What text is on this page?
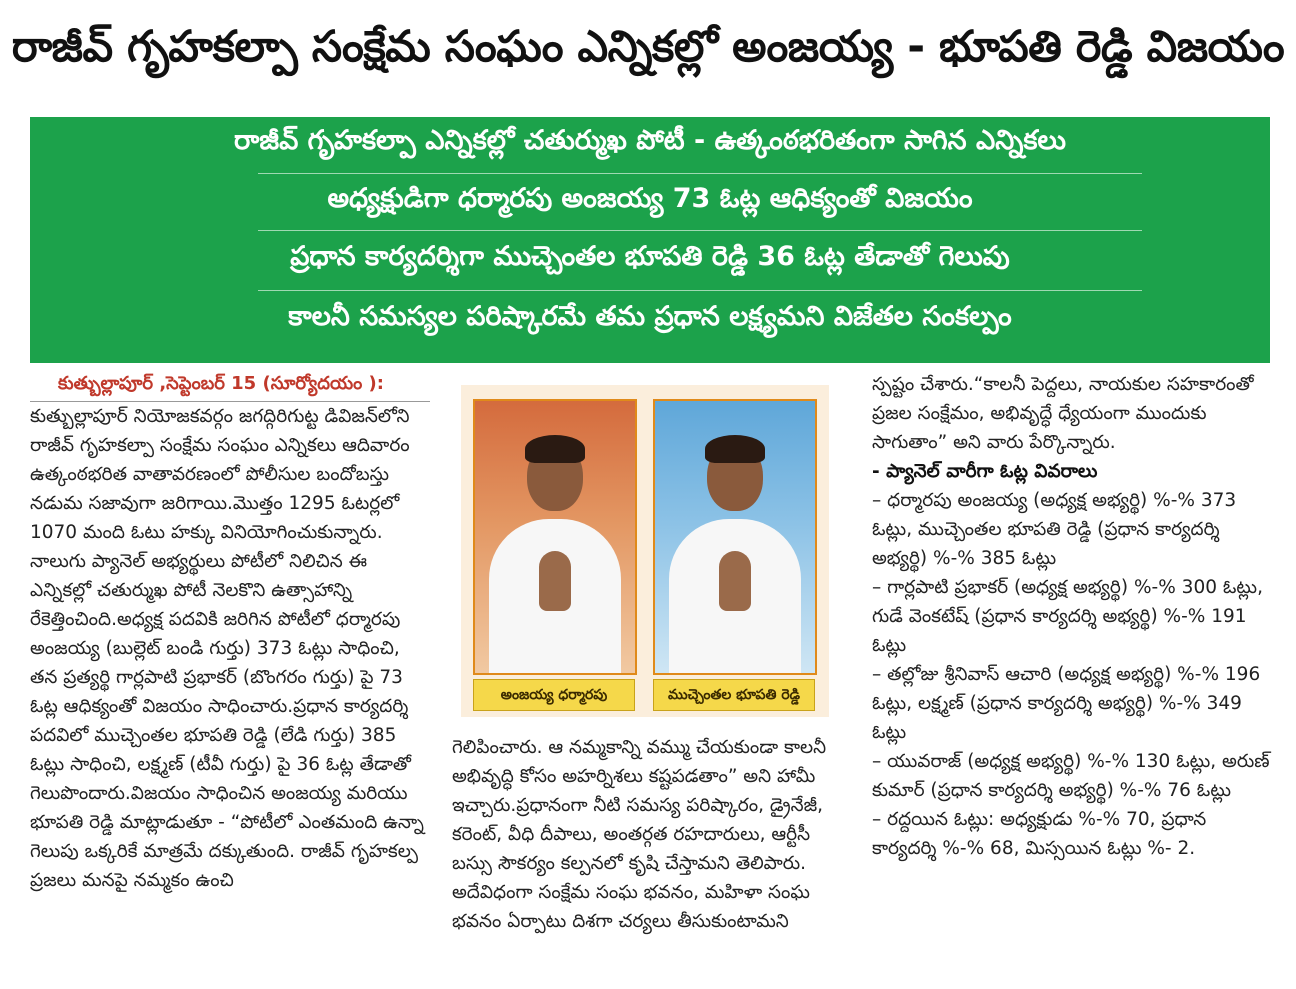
రాజీవ్ గృహకల్పా సంక్షేమ సంఘం ఎన్నికల్లో అంజయ్య - భూపతి రెడ్డి విజయం
రాజీవ్ గృహకల్పా ఎన్నికల్లో చతుర్ముఖ పోటీ - ఉత్కంఠభరితంగా సాగిన ఎన్నికలు
అధ్యక్షుడిగా ధర్మారపు అంజయ్య 73 ఓట్ల ఆధిక్యంతో విజయం
ప్రధాన కార్యదర్శిగా ముచ్చెంతల భూపతి రెడ్డి 36 ఓట్ల తేడాతో గెలుపు
కాలనీ సమస్యల పరిష్కారమే తమ ప్రధాన లక్ష్యమని విజేతల సంకల్పం
కుత్బుల్లాపూర్ ,సెప్టెంబర్ 15 (సూర్యోదయం ):

కుత్బుల్లాపూర్ నియోజకవర్గం జగద్గిరిగుట్ట డివిజన్‌లోని రాజీవ్ గృహకల్పా సంక్షేమ సంఘం ఎన్నికలు ఆదివారం ఉత్కంఠభరిత వాతావరణంలో పోలీసుల బందోబస్తు నడుమ సజావుగా జరిగాయి.మొత్తం 1295 ఓటర్లలో 1070 మంది ఓటు హక్కు వినియోగించుకున్నారు. నాలుగు ప్యానెల్ అభ్యర్థులు పోటీలో నిలిచిన ఈ ఎన్నికల్లో చతుర్ముఖ పోటీ నెలకొని ఉత్సాహాన్ని రేకెత్తించింది.అధ్యక్ష పదవికి జరిగిన పోటీలో ధర్మారపు అంజయ్య (బుల్లెట్ బండి గుర్తు) 373 ఓట్లు సాధించి, తన ప్రత్యర్థి గార్లపాటి ప్రభాకర్ (బొంగరం గుర్తు) పై 73 ఓట్ల ఆధిక్యంతో విజయం సాధించారు.ప్రధాన కార్యదర్శి పదవిలో ముచ్చెంతల భూపతి రెడ్డి (లేడి గుర్తు) 385 ఓట్లు సాధించి, లక్ష్మణ్ (టీవీ గుర్తు) పై 36 ఓట్ల తేడాతో గెలుపొందారు.విజయం సాధించిన అంజయ్య మరియు భూపతి రెడ్డి మాట్లాడుతూ - “పోటీలో ఎంతమంది ఉన్నా గెలుపు ఒక్కరికే మాత్రమే దక్కుతుంది. రాజీవ్ గృహకల్ప ప్రజలు మనపై నమ్మకం ఉంచి

అంజయ్య ధర్మారపు	ముచ్చెంతల భూపతి రెడ్డి

గెలిపించారు. ఆ నమ్మకాన్ని వమ్ము చేయకుండా కాలనీ అభివృద్ధి కోసం అహర్నిశలు కష్టపడతాం” అని హామీ ఇచ్చారు.ప్రధానంగా నీటి సమస్య పరిష్కారం, డ్రైనేజీ, కరెంట్, వీధి దీపాలు, అంతర్గత రహదారులు, ఆర్టీసీ బస్సు సౌకర్యం కల్పనలో కృషి చేస్తామని తెలిపారు. అదేవిధంగా సంక్షేమ సంఘ భవనం, మహిళా సంఘ భవనం ఏర్పాటు దిశగా చర్యలు తీసుకుంటామని

స్పష్టం చేశారు.“కాలనీ పెద్దలు, నాయకుల సహకారంతో ప్రజల సంక్షేమం, అభివృద్ధే ధ్యేయంగా ముందుకు సాగుతాం” అని వారు పేర్కొన్నారు.

- ప్యానెల్ వారీగా ఓట్ల వివరాలు

– ధర్మారపు అంజయ్య (అధ్యక్ష అభ్యర్థి) %-% 373 ఓట్లు, ముచ్చెంతల భూపతి రెడ్డి (ప్రధాన కార్యదర్శి అభ్యర్థి) %-% 385 ఓట్లు

– గార్లపాటి ప్రభాకర్ (అధ్యక్ష అభ్యర్థి) %-% 300 ఓట్లు, గుడే వెంకటేష్ (ప్రధాన కార్యదర్శి అభ్యర్థి) %-% 191 ఓట్లు

– తల్లోజు శ్రీనివాస్ ఆచారి (అధ్యక్ష అభ్యర్థి) %-% 196 ఓట్లు, లక్ష్మణ్ (ప్రధాన కార్యదర్శి అభ్యర్థి) %-% 349 ఓట్లు

– యువరాజ్ (అధ్యక్ష అభ్యర్థి) %-% 130 ఓట్లు, అరుణ్ కుమార్ (ప్రధాన కార్యదర్శి అభ్యర్థి) %-% 76 ఓట్లు

– రద్దయిన ఓట్లు: అధ్యక్షుడు %-% 70, ప్రధాన కార్యదర్శి %-% 68, మిస్సయిన ఓట్లు %- 2.
